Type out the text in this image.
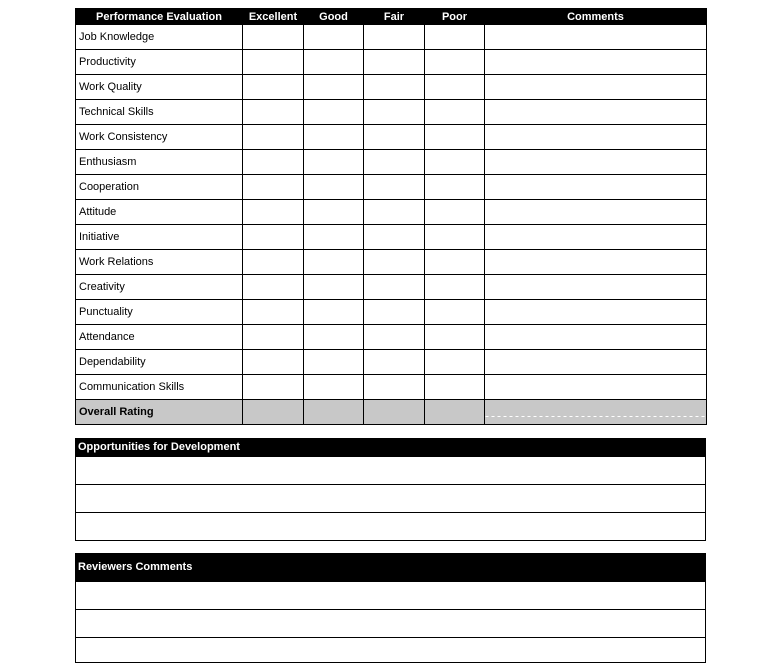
Performance Evaluation	Excellent	Good	Fair	Poor	Comments
Job Knowledge					
Productivity					
Work Quality					
Technical Skills					
Work Consistency					
Enthusiasm					
Cooperation					
Attitude					
Initiative					
Work Relations					
Creativity					
Punctuality					
Attendance					
Dependability					
Communication Skills					
Overall Rating					
Opportunities for Development
Reviewers Comments
